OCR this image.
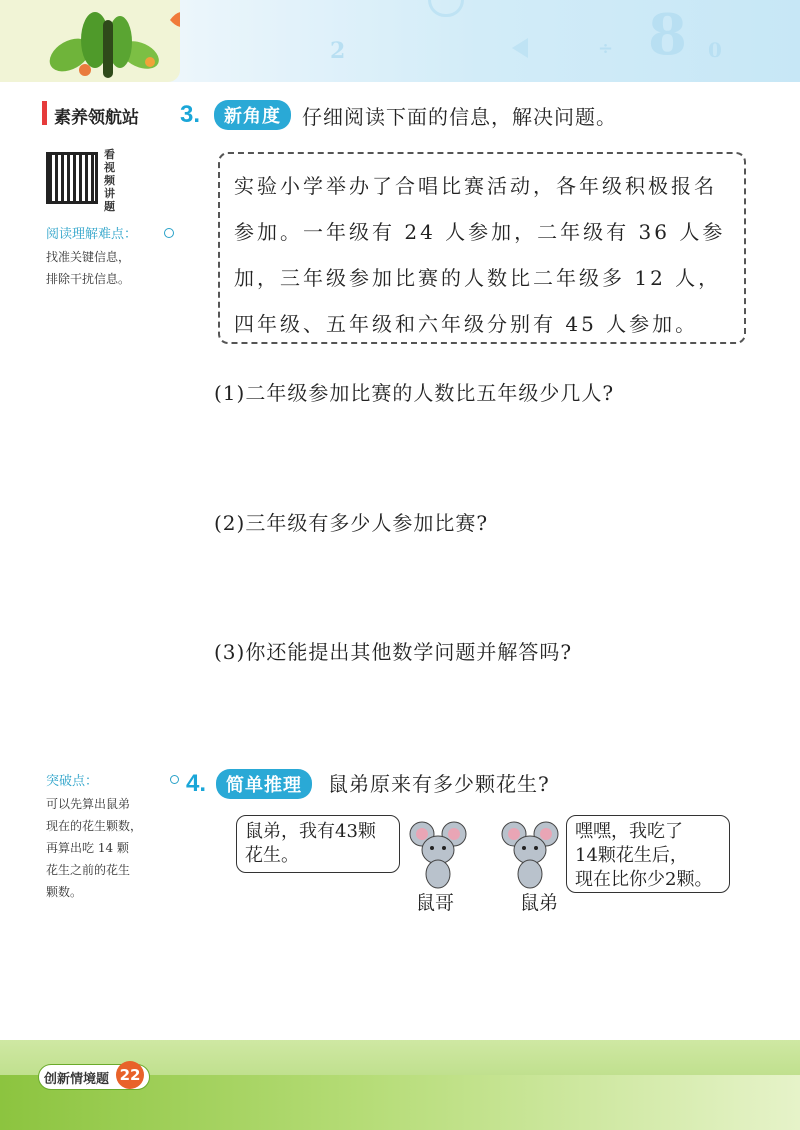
2	÷ 8 0
素养领航站
看视频讲题
阅读理解难点：
找准关键信息，
排除干扰信息。
突破点：
可以先算出鼠弟
现在的花生颗数，
再算出吃 14 颗
花生之前的花生
颗数。
3.	新角度	仔细阅读下面的信息，解决问题。
实验小学举办了合唱比赛活动，各年级积极报名
参加。一年级有 24 人参加，二年级有 36 人参
加，三年级参加比赛的人数比二年级多 12 人，
四年级、五年级和六年级分别有 45 人参加。
(1)二年级参加比赛的人数比五年级少几人?
(2)三年级有多少人参加比赛?
(3)你还能提出其他数学问题并解答吗?
4.	简单推理	鼠弟原来有多少颗花生?
鼠弟，我有43颗
花生。
嘿嘿，我吃了
14颗花生后，
现在比你少2颗。
鼠哥	鼠弟
创新情境题 22
